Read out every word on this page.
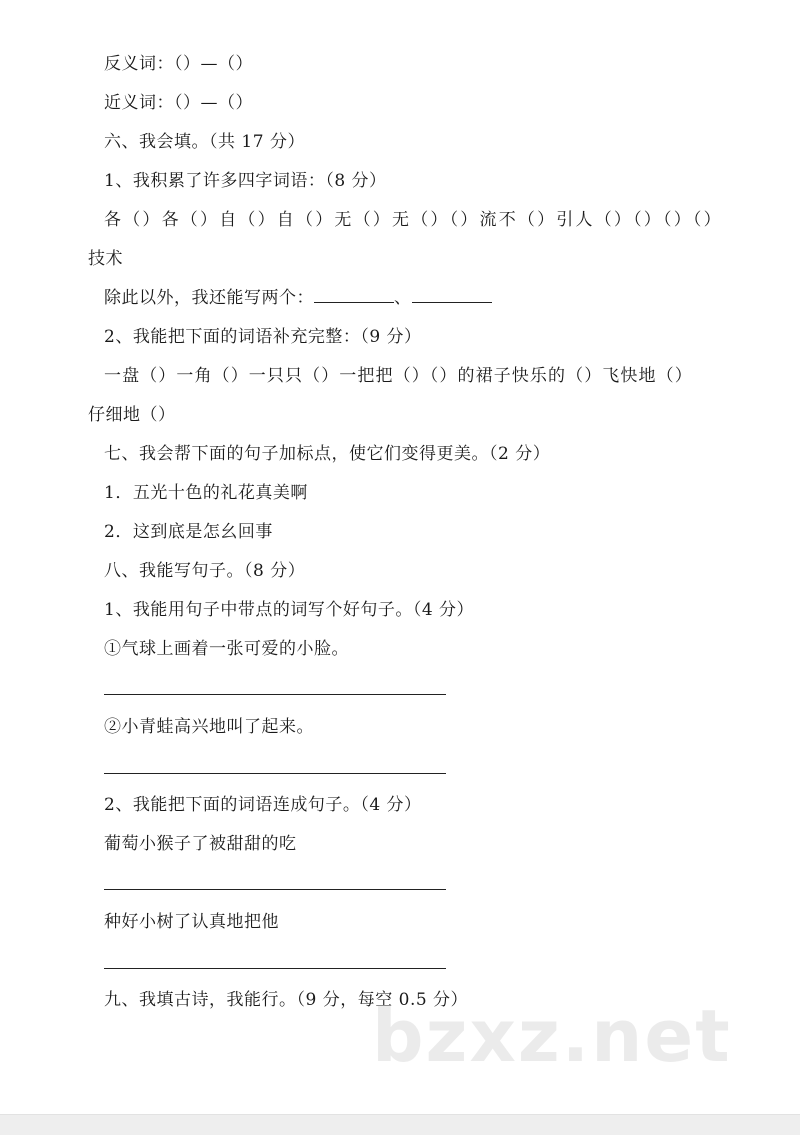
反义词：（）—（）
近义词：（）—（）
六、我会填。（共 17 分）
1、我积累了许多四字词语：（8 分）
各（）各（）自（）自（）无（）无（）（）流不（）引人（）（）（）（）
技术
除此以外，我还能写两个：	、
2、我能把下面的词语补充完整：（9 分）
一盘（）一角（）一只只（）一把把（）（）的裙子快乐的（）飞快地（）
仔细地（）
七、我会帮下面的句子加标点，使它们变得更美。（2 分）
1．五光十色的礼花真美啊
2．这到底是怎幺回事
八、我能写句子。（8 分）
1、我能用句子中带点的词写个好句子。（4 分）
①气球上画着一张可爱的小脸。
②小青蛙高兴地叫了起来。
2、我能把下面的词语连成句子。（4 分）
葡萄小猴子了被甜甜的吃
种好小树了认真地把他
九、我填古诗，我能行。（9 分，每空 0.5 分）
bzxz.net
